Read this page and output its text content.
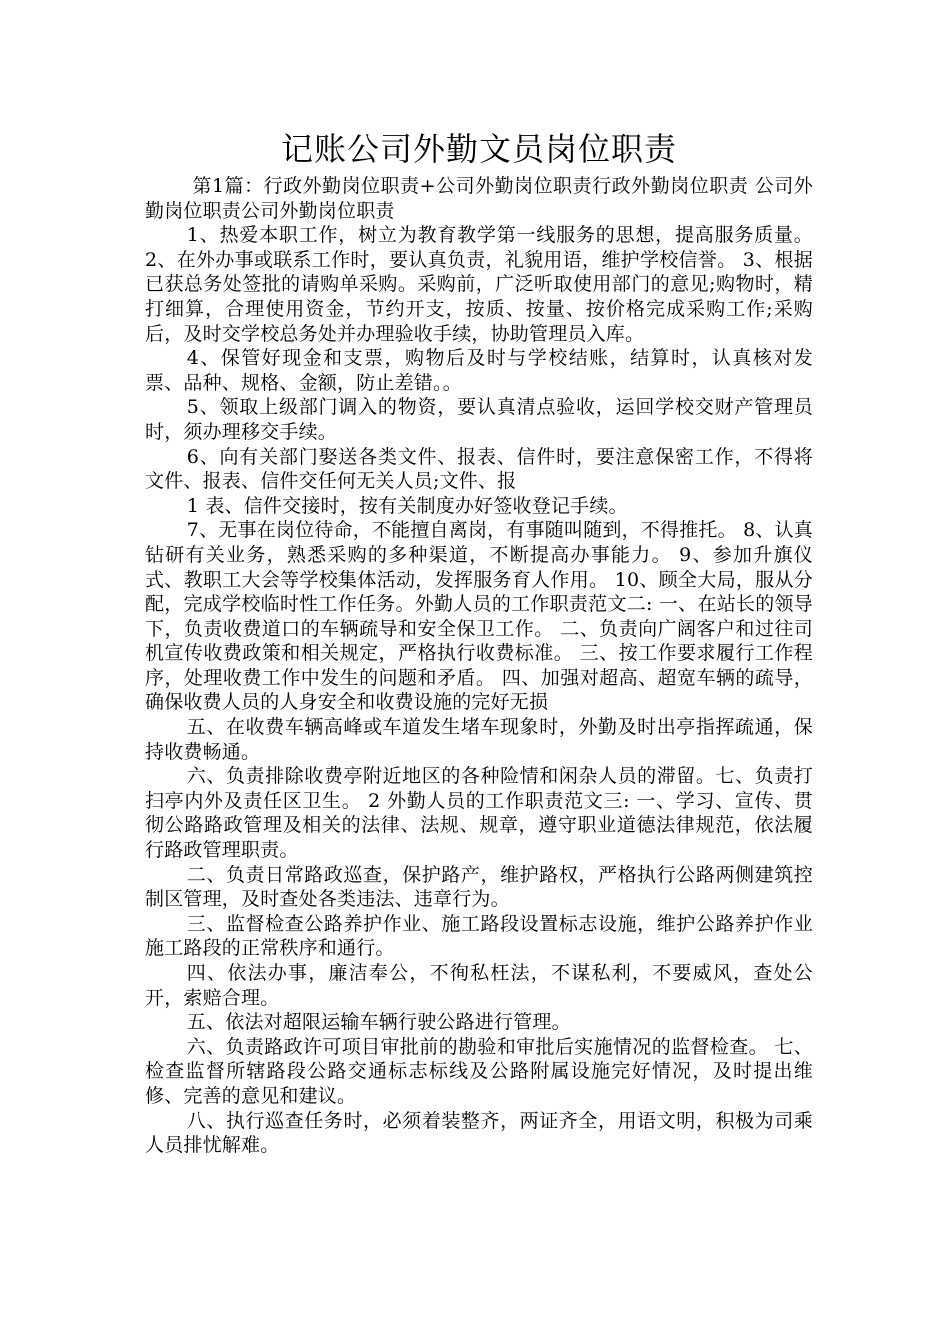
记账公司外勤文员岗位职责

第1篇：行政外勤岗位职责+公司外勤岗位职责行政外勤岗位职责 公司外勤岗位职责公司外勤岗位职责

1、热爱本职工作，树立为教育教学第一线服务的思想，提高服务质量。 2、在外办事或联系工作时，要认真负责，礼貌用语，维护学校信誉。 3、根据已获总务处签批的请购单采购。采购前，广泛听取使用部门的意见;购物时，精打细算，合理使用资金，节约开支，按质、按量、按价格完成采购工作;采购后，及时交学校总务处并办理验收手续，协助管理员入库。

4、保管好现金和支票，购物后及时与学校结账，结算时，认真核对发票、品种、规格、金额，防止差错。。

5、领取上级部门调入的物资，要认真清点验收，运回学校交财产管理员时，须办理移交手续。

6、向有关部门娶送各类文件、报表、信件时，要注意保密工作，不得将文件、报表、信件交任何无关人员;文件、报

1 表、信件交接时，按有关制度办好签收登记手续。

7、无事在岗位待命，不能擅自离岗，有事随叫随到，不得推托。 8、认真钻研有关业务，熟悉采购的多种渠道，不断提高办事能力。 9、参加升旗仪式、教职工大会等学校集体活动，发挥服务育人作用。 10、顾全大局，服从分配，完成学校临时性工作任务。外勤人员的工作职责范文二: 一、在站长的领导下，负责收费道口的车辆疏导和安全保卫工作。 二、负责向广阔客户和过往司机宣传收费政策和相关规定，严格执行收费标准。 三、按工作要求履行工作程序，处理收费工作中发生的问题和矛盾。 四、加强对超高、超宽车辆的疏导，确保收费人员的人身安全和收费设施的完好无损

五、在收费车辆高峰或车道发生堵车现象时，外勤及时出亭指挥疏通，保持收费畅通。

六、负责排除收费亭附近地区的各种险情和闲杂人员的滞留。七、负责打扫亭内外及责任区卫生。 2 外勤人员的工作职责范文三: 一、学习、宣传、贯彻公路路政管理及相关的法律、法规、规章，遵守职业道德法律规范，依法履行路政管理职责。

二、负责日常路政巡查，保护路产，维护路权，严格执行公路两侧建筑控制区管理，及时查处各类违法、违章行为。

三、监督检查公路养护作业、施工路段设置标志设施，维护公路养护作业施工路段的正常秩序和通行。

四、依法办事，廉洁奉公，不徇私枉法，不谋私利，不要威风，查处公开，索赔合理。

五、依法对超限运输车辆行驶公路进行管理。

六、负责路政许可项目审批前的勘验和审批后实施情况的监督检查。 七、检查监督所辖路段公路交通标志标线及公路附属设施完好情况，及时提出维修、完善的意见和建议。

八、执行巡查任务时，必须着装整齐，两证齐全，用语文明，积极为司乘人员排忧解难。
